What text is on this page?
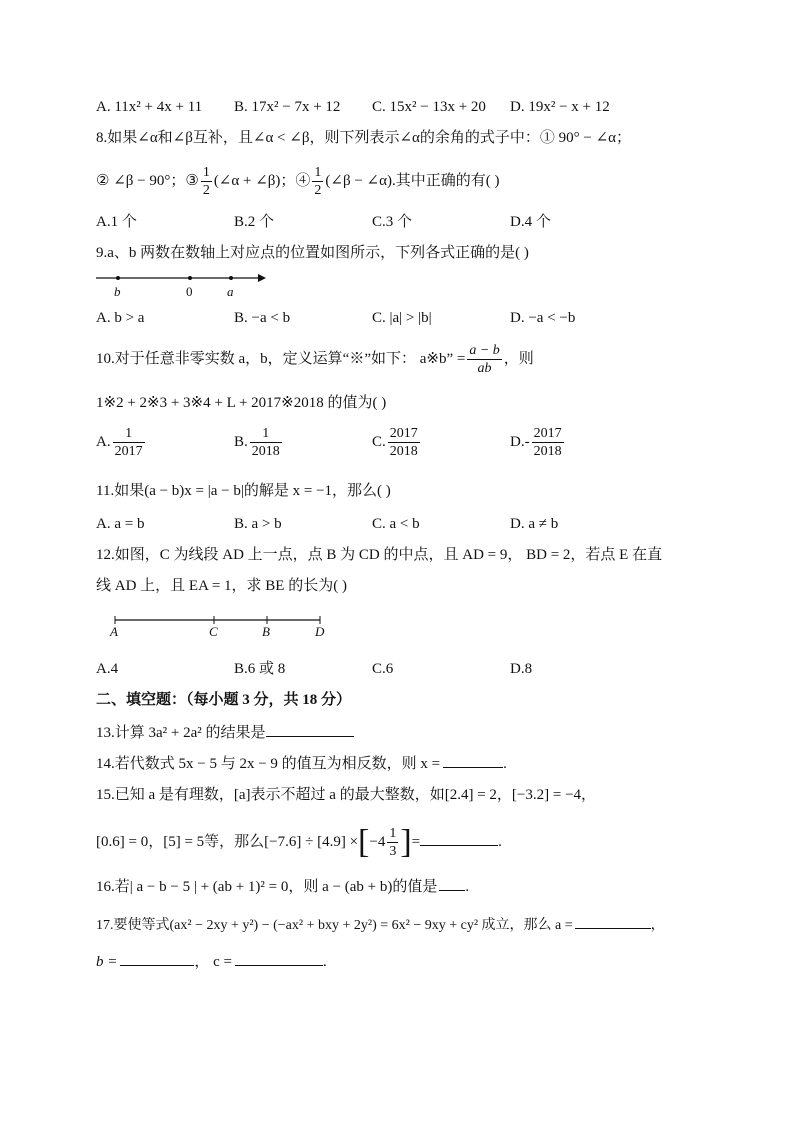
A. 11x² + 4x + 11 B. 17x² − 7x + 12 C. 15x² − 13x + 20 D. 19x² − x + 12
8.如果∠α和∠β互补，且∠α < ∠β，则下列表示∠α的余角的式子中：① 90° − ∠α；
② ∠β − 90°；③ $\frac{1}{2}$ (∠α + ∠β)；④ $\frac{1}{2}$ (∠β − ∠α).其中正确的有( )
A.1 个	B.2 个	C.3 个	D.4 个
9.a、b 两数在数轴上对应点的位置如图所示，下列各式正确的是( )
b	0	a
A. b > a	B. −a < b	C. |a| > |b|	D. −a < −b
10.对于任意非零实数 a，b，定义运算“※”如下： a※b” = $\frac{a - b}{ab}$ ，则
1※2 + 2※3 + 3※4 + L + 2017※2018 的值为( )
A. $\frac{1}{2017}$	B. $\frac{1}{2018}$	C. $\frac{2017}{2018}$	$D.- \frac{2017}{2018}$
11.如果(a − b)x = |a − b|的解是 x = −1，那么( )
A. a = b	B. a > b	C. a < b	D. a ≠ b
12.如图，C 为线段 AD 上一点，点 B 为 CD 的中点，且 AD = 9， BD = 2，若点 E 在直
线 AD 上，且 EA = 1，求 BE 的长为( )
A	C	B	D
A.4	B.6 或 8	C.6	D.8
二、填空题：（每小题 3 分，共 18 分）
13.计算 3a² + 2a² 的结果是
14.若代数式 5x − 5 与 2x − 9 的值互为相反数，则 x =	.
15.已知 a 是有理数，[a]表示不超过 a 的最大整数，如[2.4] = 2，[−3.2] = −4，
[0.6] = 0，[5] = 5等，那么$[-7.6] \div [4.9] \times[-4 \frac{1}{3}$ ]=	.
16.若| a − b − 5 | + (ab + 1)² = 0，则 a − (ab + b)的值是 .
17.要使等式(ax² − 2xy + y²) − (−ax² + bxy + 2y²) = 6x² − 9xy + cy² 成立，那么 a =	，
b =	， c =	.
